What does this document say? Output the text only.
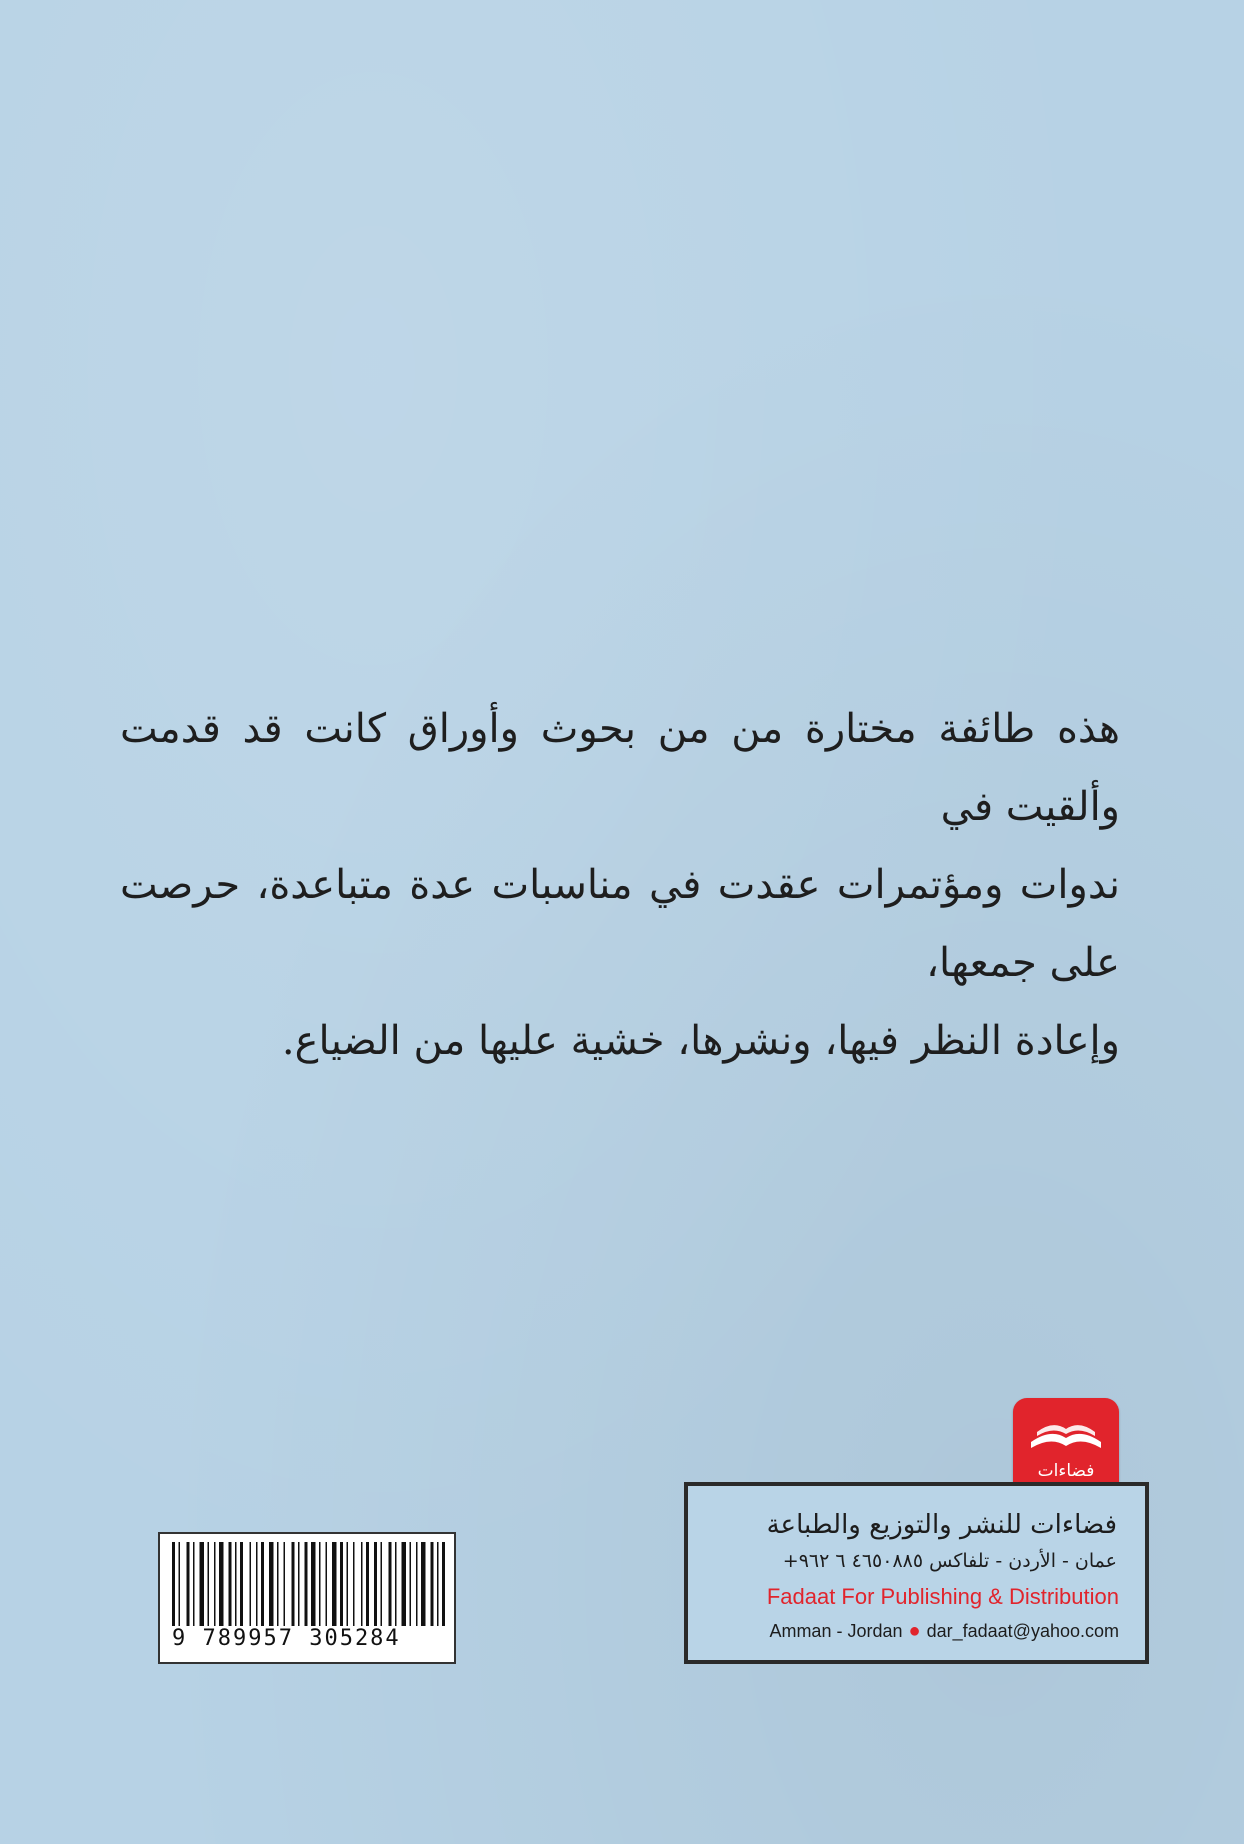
هذه طائفة مختارة من من بحوث وأوراق كانت قد قدمت وألقيت في
ندوات ومؤتمرات عقدت في مناسبات عدة متباعدة، حرصت على جمعها،
وإعادة النظر فيها، ونشرها، خشية عليها من الضياع.
فضاءات
فضاءات للنشر والتوزيع والطباعة
عمان - الأردن - تلفاكس ٤٦٥٠٨٨٥ ٦ ٩٦٢+
Fadaat For Publishing & Distribution
Amman - Jordan ● dar_fadaat@yahoo.com
9 789957 305284
